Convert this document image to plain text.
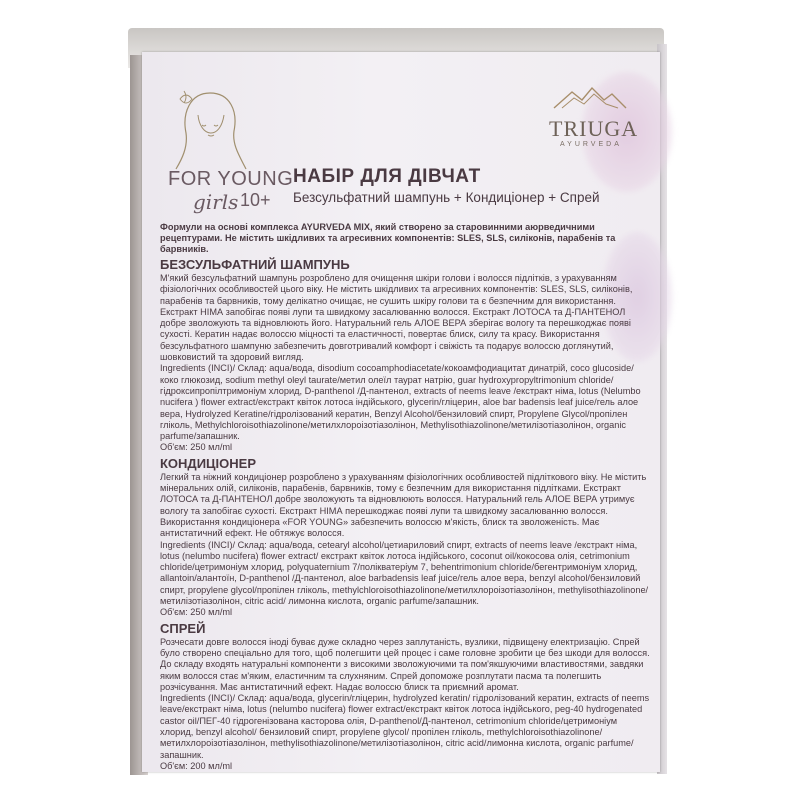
FOR YOUNG
girls 10+
TRIUGA
AYURVEDA
НАБІР ДЛЯ ДІВЧАТ
Безсульфатний шампунь + Кондиціонер + Спрей

Формули на основі комплекса AYURVEDA MIX, який створено за старовинними аюрведичними рецептурами. Не містить шкідливих та агресивних компонентів: SLES, SLS, силіконів, парабенів та барвників.

БЕЗСУЛЬФАТНИЙ ШАМПУНЬ

М'який безсульфатний шампунь розроблено для очищення шкіри голови і волосся підлітків, з урахуванням фізіологічних особливостей цього віку. Не містить шкідливих та агресивних компонентів: SLES, SLS, силіконів, парабенів та барвників, тому делікатно очищає, не сушить шкіру голови та є безпечним для використання. Екстракт НІМА запобігає появі лупи та швидкому засалюванню волосся. Екстракт ЛОТОСА та Д-ПАНТЕНОЛ добре зволожують та відновлюють його. Натуральний гель АЛОЕ ВЕРА зберігає вологу та перешкоджає появі сухості. Кератин надає волоссю міцності та еластичності, повертає блиск, силу та красу. Використання безсульфатного шампуню забезпечить довготривалий комфорт і свіжість та подарує волоссю доглянутий, шовковистий та здоровий вигляд.

Ingredients (INCI)/ Склад: aqua/вода, disodium cocoamphodiacetate/кокоамфодиацитат динатрій, coco glucoside/ коко глюкозид, sodium methyl oleyl taurate/метил олеїл таурат натрію, guar hydroxypropyltrimonium chloride/гідроксипропілтримоніум хлорид, D-panthenol /Д-пантенол, extracts of neems leave /екстракт німа, lotus (Nelumbo nucifera ) flower extract/екстракт квіток лотоса індійського, glycerin/гліцерин, aloe bar badensis leaf juice/гель алое вера, Hydrolyzed Keratine/гідролізований кератин, Benzyl Alcohol/бензиловий спирт, Propylene Glycol/пропілен гліколь, Methylchloroisothiazolinone/метилхлороізотіазолінон, Methylisothiazolinone/метилізотіазолінон, organic parfume/запашник.

Об'єм: 250 мл/ml

КОНДИЦІОНЕР

Легкий та ніжний кондиціонер розроблено з урахуванням фізіологічних особливостей підліткового віку. Не містить мінеральних олій, силіконів, парабенів, барвників, тому є безпечним для використання підлітками. Екстракт ЛОТОСА та Д-ПАНТЕНОЛ добре зволожують та відновлюють волосся. Натуральний гель АЛОЕ ВЕРА утримує вологу та запобігає сухості. Екстракт НІМА перешкоджає появі лупи та швидкому засалюванню волосся. Використання кондиціонера «FOR YOUNG» забезпечить волоссю м'якість, блиск та зволоженість. Має антистатичний ефект. Не обтяжує волосся.

Ingredients (INCI)/ Склад: aqua/вода, cetearyl alcohol/цетиариловий спирт, extracts of neems leave /екстракт німа, lotus (nelumbo nucifera) flower extract/ екстракт квіток лотоса індійського, coconut oil/кокосова олія, cetrimonium chloride/цетримоніум хлорид, polyquaternium 7/полікватеріум 7, behentrimonium chloride/бегентримоніум хлорид, allantoin/алантоїн, D-panthenol /Д-пантенол, aloe barbadensis leaf juice/гель алое вера, benzyl alcohol/бензиловий спирт, propylene glycol/пропілен гліколь, methylchloroisothiazolinone/метилхлороізотіазолінон, methylisothiazolinone/метилізотіазолінон, citric acid/ лимонна кислота, organic parfume/запашник.

Об'єм: 250 мл/ml

СПРЕЙ

Розчесати довге волосся іноді буває дуже складно через заплутаність, вузлики, підвищену електризацію. Спрей було створено спеціально для того, щоб полегшити цей процес і саме головне зробити це без шкоди для волосся. До складу входять натуральні компоненти з високими зволожуючими та пом'якшуючими властивостями, завдяки яким волосся стає м'яким, еластичним та слухняним. Спрей допоможе розплутати пасма та полегшить розчісування. Має антистатичний ефект. Надає волоссю блиск та приємний аромат.

Ingredients (INCI)/ Склад: aqua/вода, glycerin/гліцерин, hydrolyzed keratin/ гідролізований кератин, extracts of neems leave/екстракт німа, lotus (nelumbo nucifera) flower extract/екстракт квіток лотоса індійського, peg-40 hydrogenated castor oil/ПЕГ-40 гідрогенізована касторова олія, D-panthenol/Д-пантенол, cetrimonium chloride/цетримоніум хлорид, benzyl alcohol/ бензиловий спирт, propylene glycol/ пропілен гліколь, methylchloroisothiazolinone/метилхлороізотіазолінон, methylisothiazolinone/метилізотіазолінон, citric acid/лимонна кислота, organic parfume/запашник.

Об'єм: 200 мл/ml
